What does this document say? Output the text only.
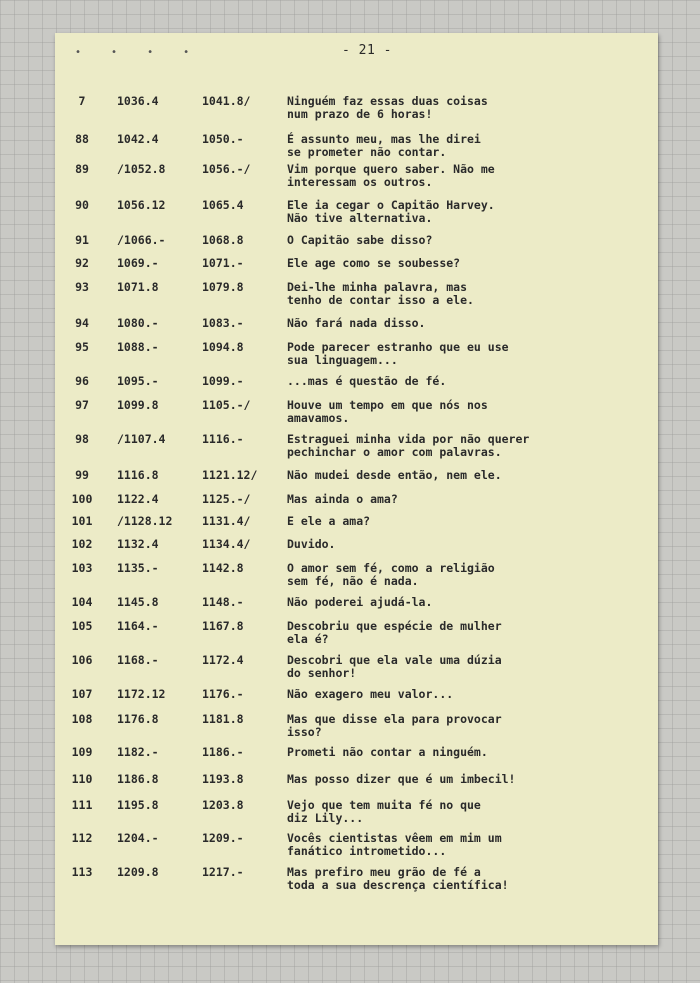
• • • •	- 21 -
7	1036.4	1041.8/	Ninguém faz essas duas coisas
num prazo de 6 horas!
88	1042.4	1050.-	É assunto meu, mas lhe direi
se prometer não contar.
89	/1052.8	1056.-/	Vim porque quero saber. Não me
interessam os outros.
90	1056.12	1065.4	Ele ia cegar o Capitão Harvey.
Não tive alternativa.
91	/1066.-	1068.8	O Capitão sabe disso?
92	1069.-	1071.-	Ele age como se soubesse?
93	1071.8	1079.8	Dei-lhe minha palavra, mas
tenho de contar isso a ele.
94	1080.-	1083.-	Não fará nada disso.
95	1088.-	1094.8	Pode parecer estranho que eu use
sua linguagem...
96	1095.-	1099.-	...mas é questão de fé.
97	1099.8	1105.-/	Houve um tempo em que nós nos
amavamos.
98	/1107.4	1116.-	Estraguei minha vida por não querer
pechinchar o amor com palavras.
99	1116.8	1121.12/	Não mudei desde então, nem ele.
100	1122.4	1125.-/	Mas ainda o ama?
101	/1128.12	1131.4/	E ele a ama?
102	1132.4	1134.4/	Duvido.
103	1135.-	1142.8	O amor sem fé, como a religião
sem fé, não é nada.
104	1145.8	1148.-	Não poderei ajudá-la.
105	1164.-	1167.8	Descobriu que espécie de mulher
ela é?
106	1168.-	1172.4	Descobri que ela vale uma dúzia
do senhor!
107	1172.12	1176.-	Não exagero meu valor...
108	1176.8	1181.8	Mas que disse ela para provocar
isso?
109	1182.-	1186.-	Prometi não contar a ninguém.
110	1186.8	1193.8	Mas posso dizer que é um imbecil!
111	1195.8	1203.8	Vejo que tem muita fé no que
diz Lily...
112	1204.-	1209.-	Vocês cientistas vêem em mim um
fanático intrometido...
113	1209.8	1217.-	Mas prefiro meu grão de fé a
toda a sua descrença científica!
